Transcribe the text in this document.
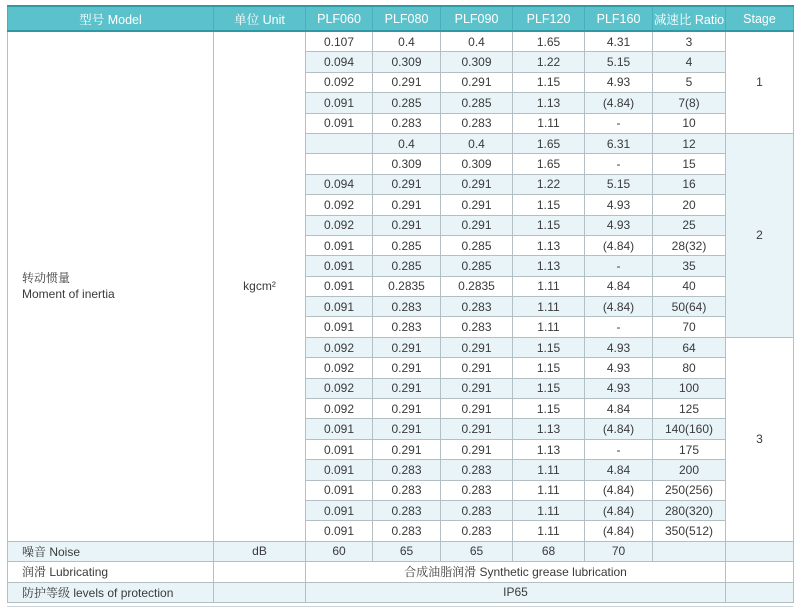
型号 Model	单位 Unit	PLF060	PLF080	PLF090	PLF120	PLF160	减速比 Ratio	Stage

转动惯量
Moment of inertia	kgcm²	0.107	0.4	0.4	1.65	4.31	3	1
		0.094	0.309	0.309	1.22	5.15	4	
		0.092	0.291	0.291	1.15	4.93	5	
		0.091	0.285	0.285	1.13	(4.84)	7(8)	
		0.091	0.283	0.283	1.11	-	10	
			0.4	0.4	1.65	6.31	12	2
			0.309	0.309	1.65	-	15	
		0.094	0.291	0.291	1.22	5.15	16	
		0.092	0.291	0.291	1.15	4.93	20	
		0.092	0.291	0.291	1.15	4.93	25	
		0.091	0.285	0.285	1.13	(4.84)	28(32)	
		0.091	0.285	0.285	1.13	-	35	
		0.091	0.2835	0.2835	1.11	4.84	40	
		0.091	0.283	0.283	1.11	(4.84)	50(64)	
		0.091	0.283	0.283	1.11	-	70	
		0.092	0.291	0.291	1.15	4.93	64	3
		0.092	0.291	0.291	1.15	4.93	80	
		0.092	0.291	0.291	1.15	4.93	100	
		0.092	0.291	0.291	1.15	4.84	125	
		0.091	0.291	0.291	1.13	(4.84)	140(160)	
		0.091	0.291	0.291	1.13	-	175	
		0.091	0.283	0.283	1.11	4.84	200	
		0.091	0.283	0.283	1.11	(4.84)	250(256)	
		0.091	0.283	0.283	1.11	(4.84)	280(320)	
		0.091	0.283	0.283	1.11	(4.84)	350(512)	
噪音 Noise	dB	60	65	65	68	70		
润滑 Lubricating		合成油脂润滑 Synthetic grease lubrication						
防护等级 levels of protection		IP65						
